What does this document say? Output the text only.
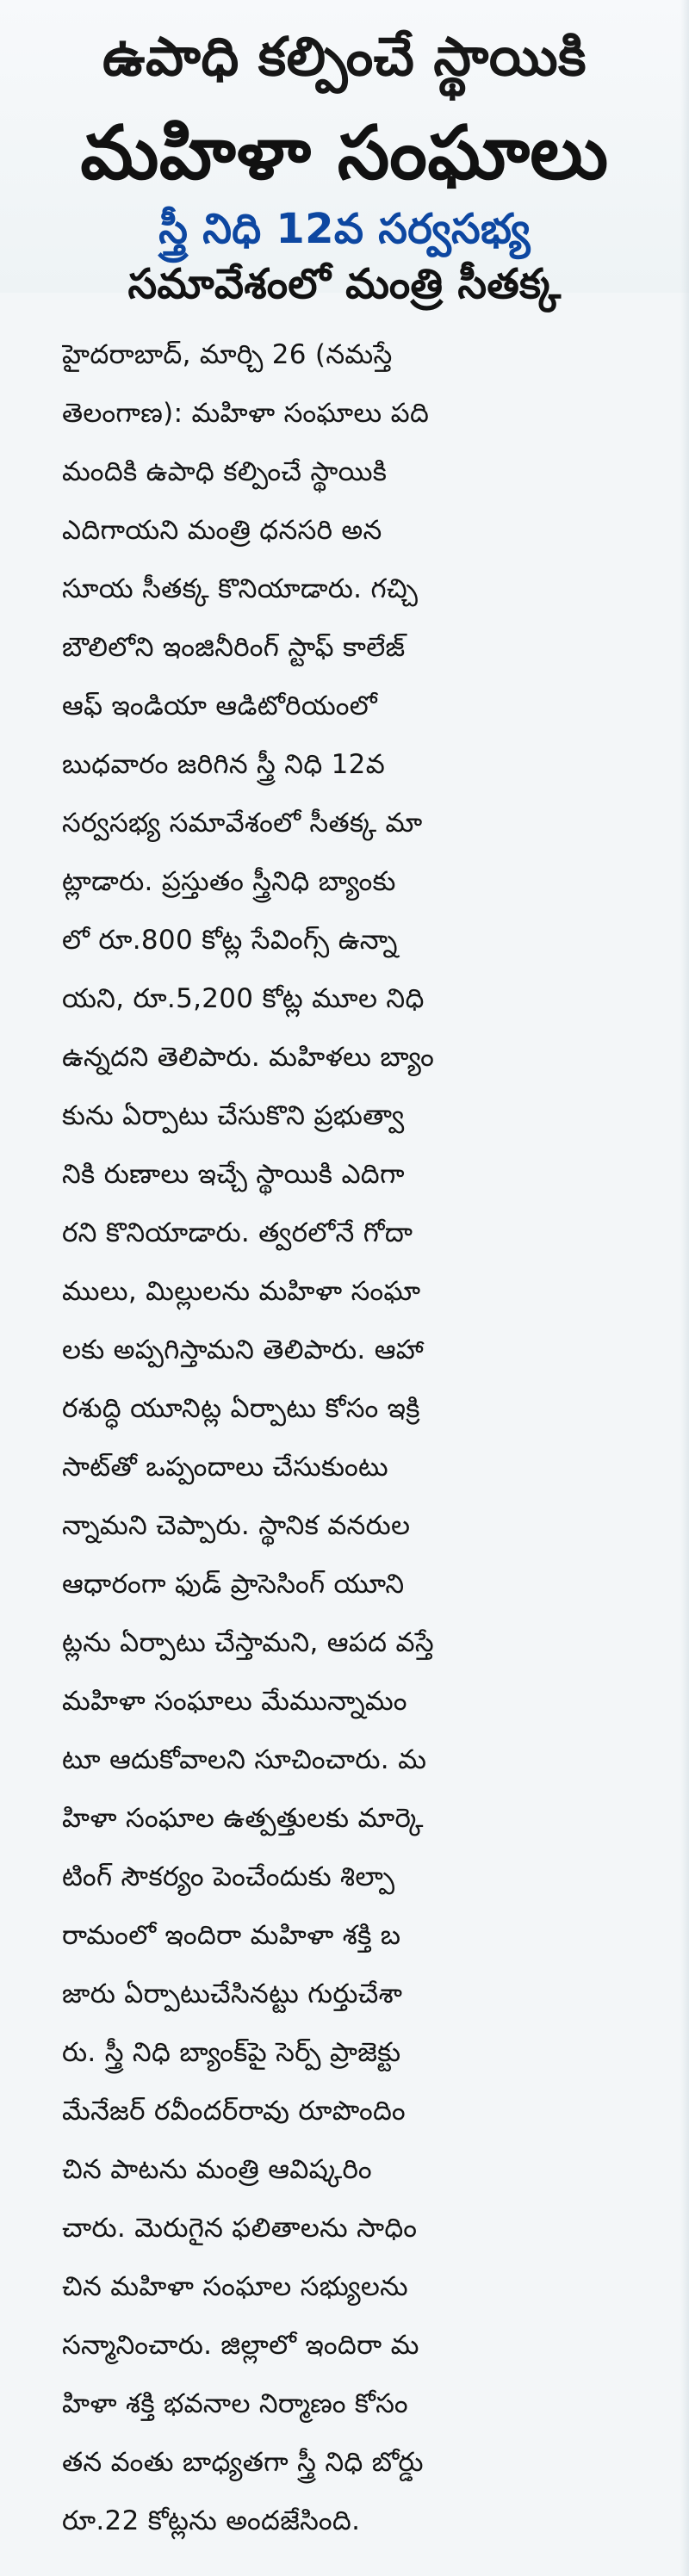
ఉపాధి కల్పించే స్థాయికి
మహిళా సంఘాలు
స్త్రీ నిధి 12వ సర్వసభ్య
సమావేశంలో మంత్రి సీతక్క
హైదరాబాద్, మార్చి 26 (నమస్తే
తెలంగాణ): మహిళా సంఘాలు పది
మందికి ఉపాధి కల్పించే స్థాయికి
ఎదిగాయని మంత్రి ధనసరి అన
సూయ సీతక్క కొనియాడారు. గచ్చి
బౌలిలోని ఇంజినీరింగ్ స్టాఫ్ కాలేజ్
ఆఫ్ ఇండియా ఆడిటోరియంలో
బుధవారం జరిగిన స్త్రీ నిధి 12వ
సర్వసభ్య సమావేశంలో సీతక్క మా
ట్లాడారు. ప్రస్తుతం స్త్రీనిధి బ్యాంకు
లో రూ.800 కోట్ల సేవింగ్స్ ఉన్నా
యని, రూ.5,200 కోట్ల మూల నిధి
ఉన్నదని తెలిపారు. మహిళలు బ్యాం
కును ఏర్పాటు చేసుకొని ప్రభుత్వా
నికి రుణాలు ఇచ్చే స్థాయికి ఎదిగా
రని కొనియాడారు. త్వరలోనే గోదా
ములు, మిల్లులను మహిళా సంఘా
లకు అప్పగిస్తామని తెలిపారు. ఆహా
రశుద్ధి యూనిట్ల ఏర్పాటు కోసం ఇక్రి
సాట్‌తో ఒప్పందాలు చేసుకుంటు
న్నామని చెప్పారు. స్థానిక వనరుల
ఆధారంగా ఫుడ్ ప్రాసెసింగ్ యూని
ట్లను ఏర్పాటు చేస్తామని, ఆపద వస్తే
మహిళా సంఘాలు మేమున్నామం
టూ ఆదుకోవాలని సూచించారు. మ
హిళా సంఘాల ఉత్పత్తులకు మార్కె
టింగ్ సౌకర్యం పెంచేందుకు శిల్పా
రామంలో ఇందిరా మహిళా శక్తి బ
జారు ఏర్పాటుచేసినట్టు గుర్తుచేశా
రు. స్త్రీ నిధి బ్యాంక్‌పై సెర్ప్ ప్రాజెక్టు
మేనేజర్ రవీందర్‌రావు రూపొందిం
చిన పాటను మంత్రి ఆవిష్కరిం
చారు. మెరుగైన ఫలితాలను సాధిం
చిన మహిళా సంఘాల సభ్యులను
సన్మానించారు. జిల్లాలో ఇందిరా మ
హిళా శక్తి భవనాల నిర్మాణం కోసం
తన వంతు బాధ్యతగా స్త్రీ నిధి బోర్డు
రూ.22 కోట్లను అందజేసింది.
